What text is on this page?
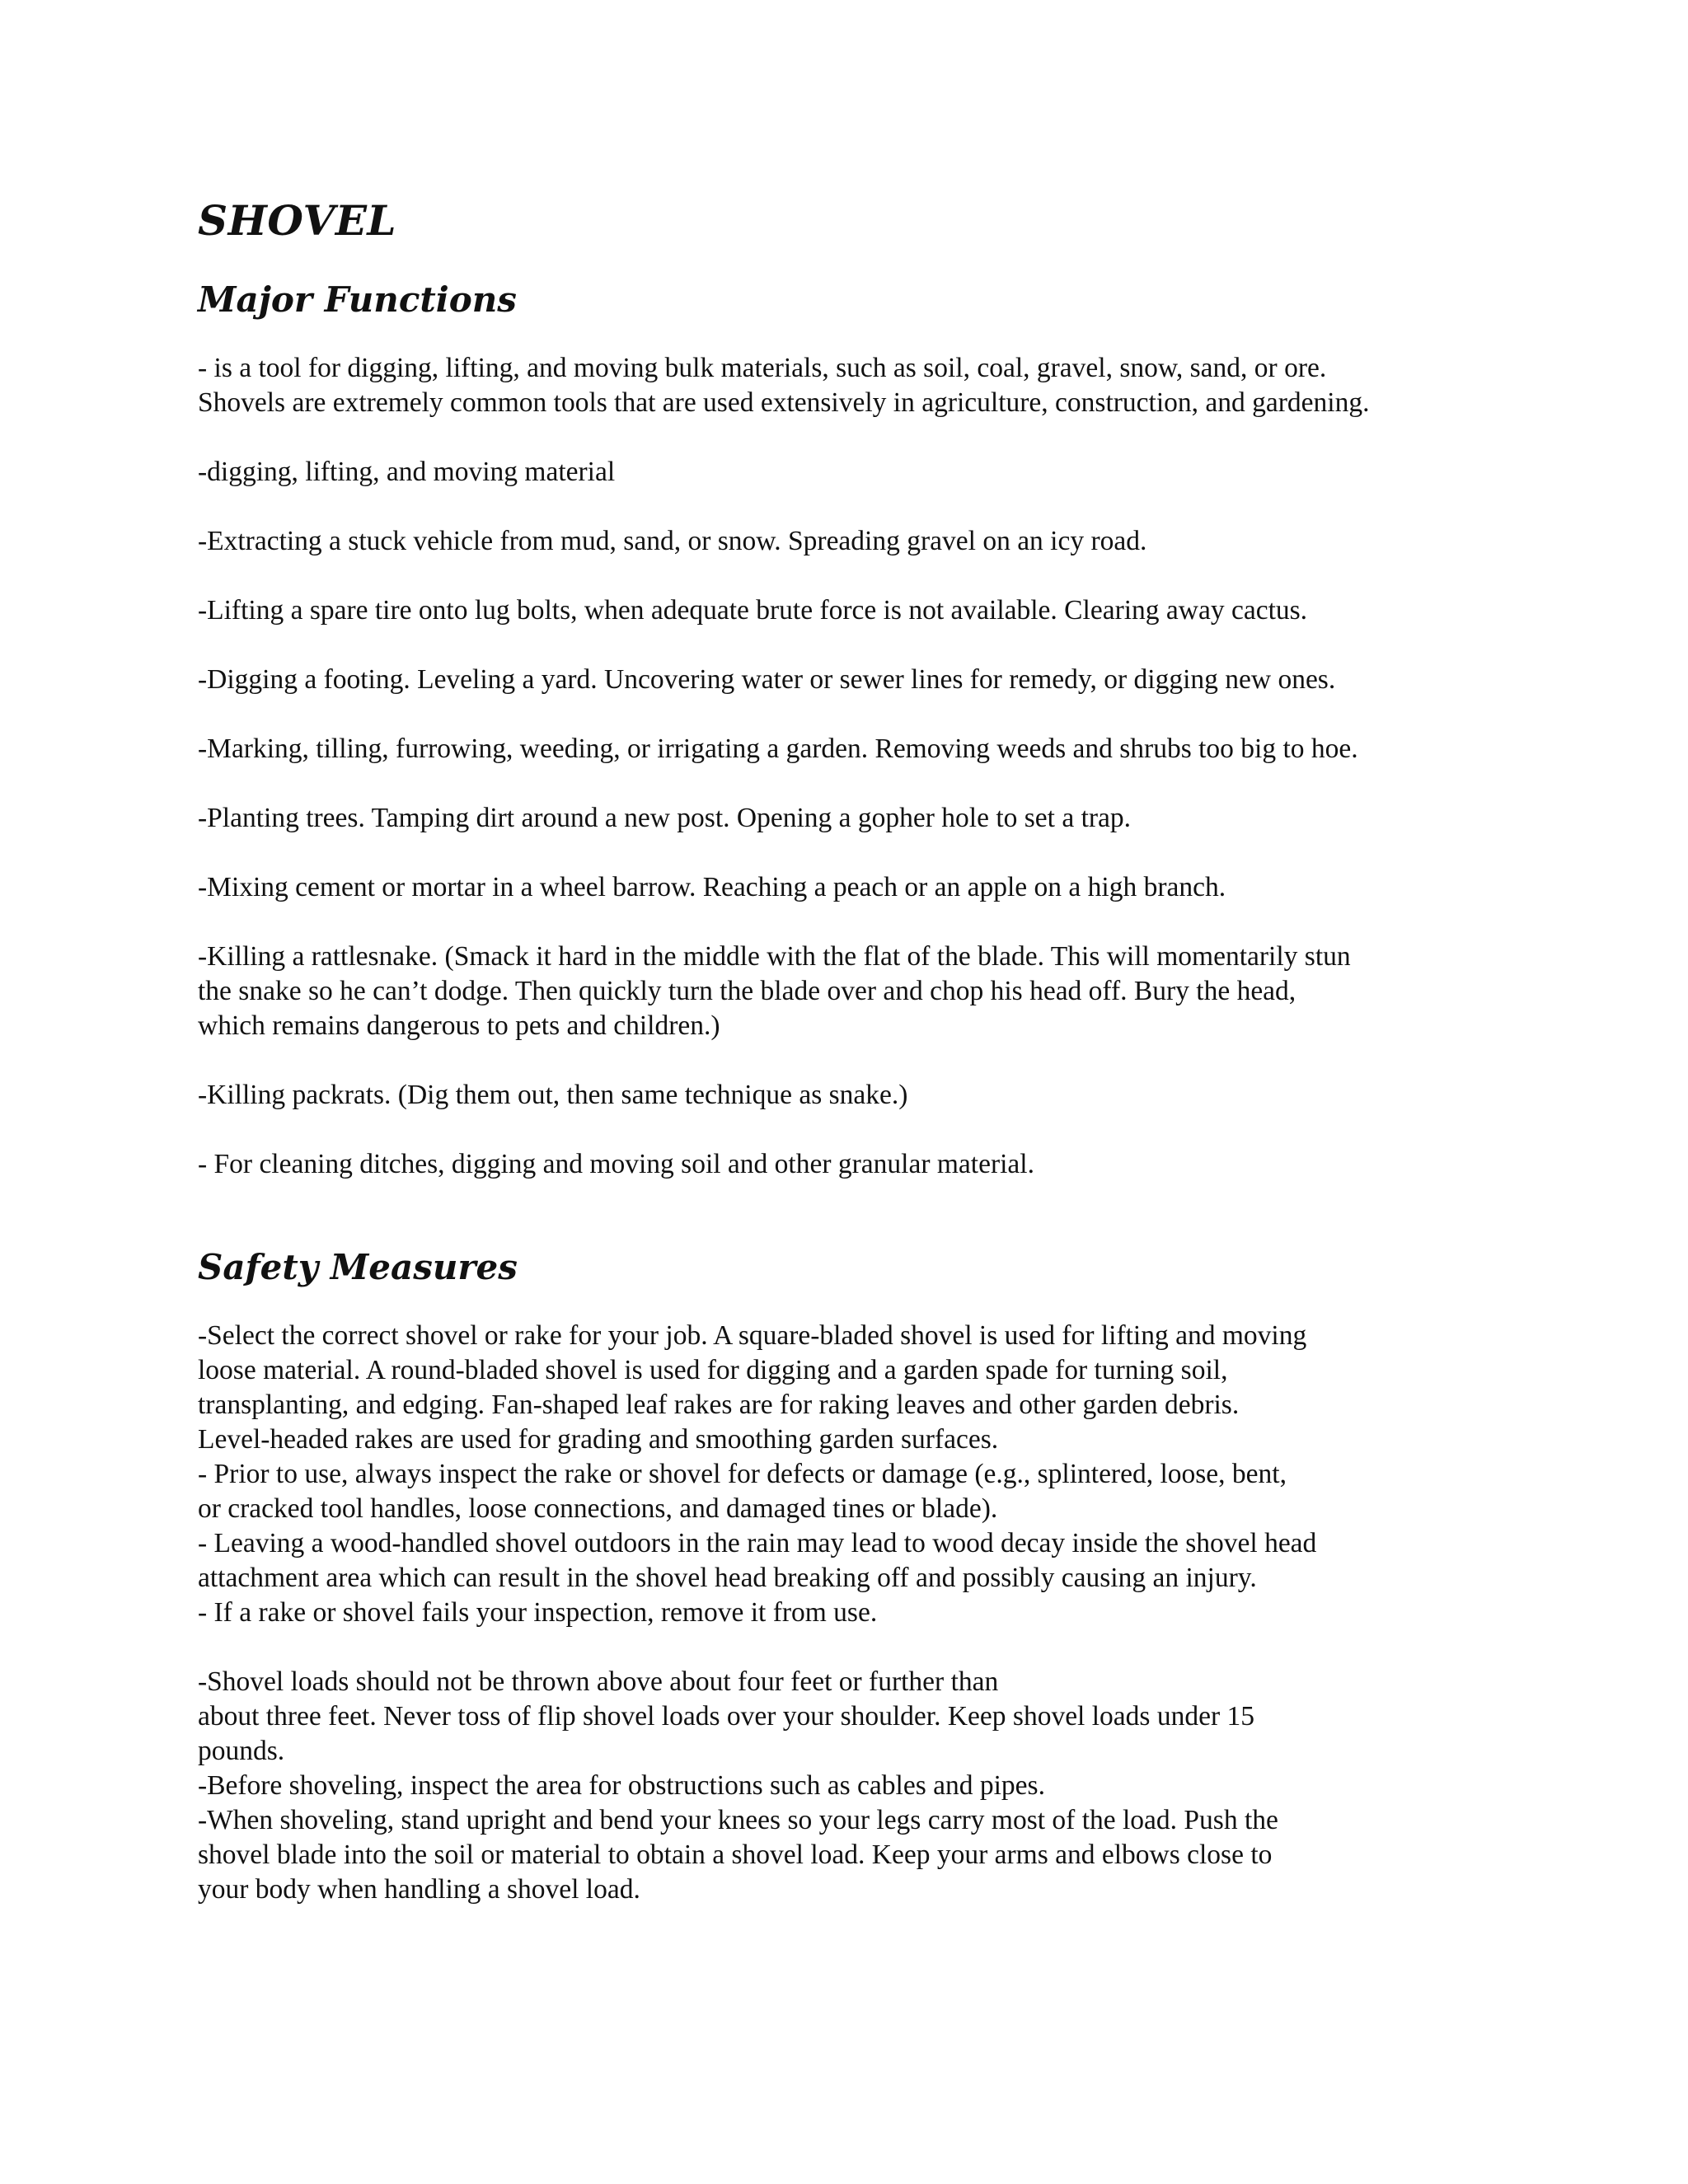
SHOVEL
Major Functions

- is a tool for digging, lifting, and moving bulk materials, such as soil, coal, gravel, snow, sand, or ore.
Shovels are extremely common tools that are used extensively in agriculture, construction, and gardening.

-digging, lifting, and moving material

-Extracting a stuck vehicle from mud, sand, or snow. Spreading gravel on an icy road.

-Lifting a spare tire onto lug bolts, when adequate brute force is not available. Clearing away cactus.

-Digging a footing. Leveling a yard. Uncovering water or sewer lines for remedy, or digging new ones.

-Marking, tilling, furrowing, weeding, or irrigating a garden. Removing weeds and shrubs too big to hoe.

-Planting trees. Tamping dirt around a new post. Opening a gopher hole to set a trap.

-Mixing cement or mortar in a wheel barrow. Reaching a peach or an apple on a high branch.

-Killing a rattlesnake. (Smack it hard in the middle with the flat of the blade. This will momentarily stun
the snake so he can’t dodge. Then quickly turn the blade over and chop his head off. Bury the head,
which remains dangerous to pets and children.)

-Killing packrats. (Dig them out, then same technique as snake.)

- For cleaning ditches, digging and moving soil and other granular material.

Safety Measures

-Select the correct shovel or rake for your job. A square-bladed shovel is used for lifting and moving
loose material. A round-bladed shovel is used for digging and a garden spade for turning soil,
transplanting, and edging. Fan-shaped leaf rakes are for raking leaves and other garden debris.
Level-headed rakes are used for grading and smoothing garden surfaces.

- Prior to use, always inspect the rake or shovel for defects or damage (e.g., splintered, loose, bent,
or cracked tool handles, loose connections, and damaged tines or blade).

- Leaving a wood-handled shovel outdoors in the rain may lead to wood decay inside the shovel head
attachment area which can result in the shovel head breaking off and possibly causing an injury.

- If a rake or shovel fails your inspection, remove it from use.

-Shovel loads should not be thrown above about four feet or further than
about three feet. Never toss of flip shovel loads over your shoulder. Keep shovel loads under 15
pounds.

-Before shoveling, inspect the area for obstructions such as cables and pipes.

-When shoveling, stand upright and bend your knees so your legs carry most of the load. Push the
shovel blade into the soil or material to obtain a shovel load. Keep your arms and elbows close to
your body when handling a shovel load.
